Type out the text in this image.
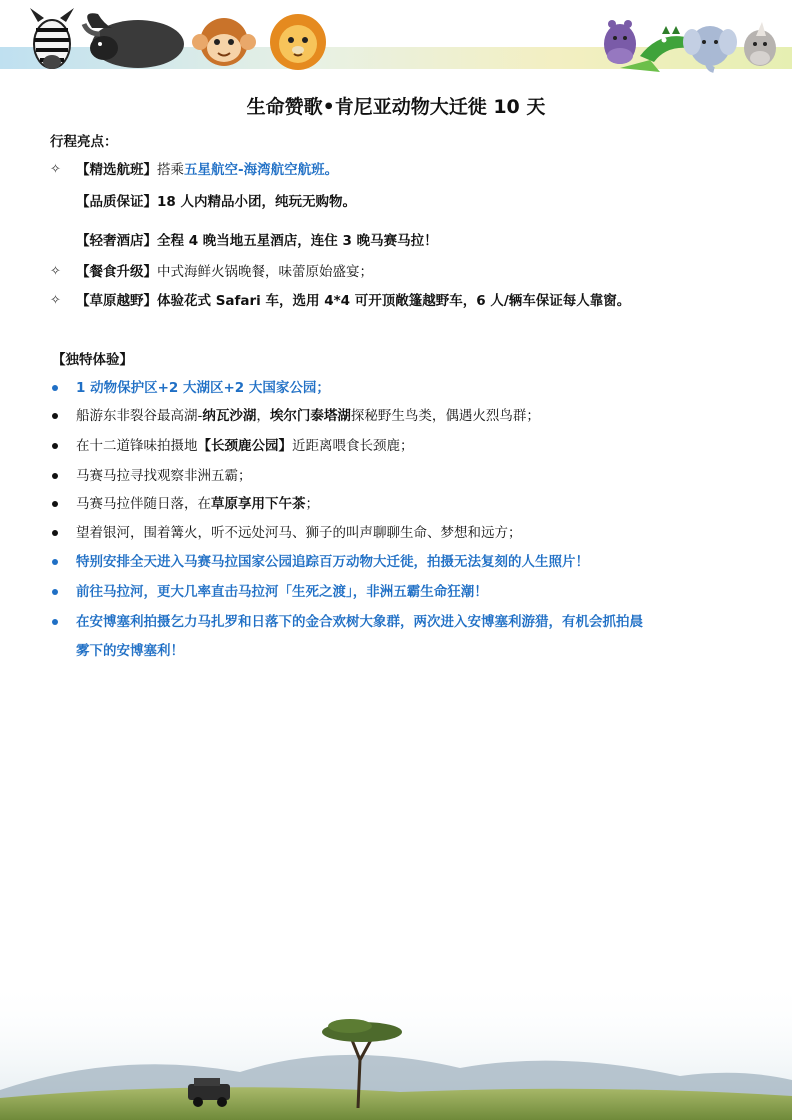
生命赞歌•肯尼亚动物大迁徙 10 天
行程亮点：
✧ 【精选航班】搭乘五星航空-海湾航空航班。
【品质保证】18 人内精品小团，纯玩无购物。
【轻奢酒店】全程 4 晚当地五星酒店，连住 3 晚马赛马拉！
✧ 【餐食升级】中式海鲜火锅晚餐，味蕾原始盛宴；
✧ 【草原越野】体验花式 Safari 车，选用 4*4 可开顶敞篷越野车，6 人/辆车保证每人靠窗。
【独特体验】
1 动物保护区+2 大湖区+2 大国家公园；
船游东非裂谷最高湖-纳瓦沙湖，埃尔门泰塔湖探秘野生鸟类，偶遇火烈鸟群；
在十二道锋味拍摄地【长颈鹿公园】近距离喂食长颈鹿；
马赛马拉寻找观察非洲五霸；
马赛马拉伴随日落，在草原享用下午茶；
望着银河，围着篝火，听不远处河马、狮子的叫声聊聊生命、梦想和远方；
特别安排全天进入马赛马拉国家公园追踪百万动物大迁徙，拍摄无法复刻的人生照片！
前往马拉河，更大几率直击马拉河「生死之渡」，非洲五霸生命狂潮！
在安博塞利拍摄乞力马扎罗和日落下的金合欢树大象群，两次进入安博塞利游猎，有机会抓拍晨
雾下的安博塞利！
